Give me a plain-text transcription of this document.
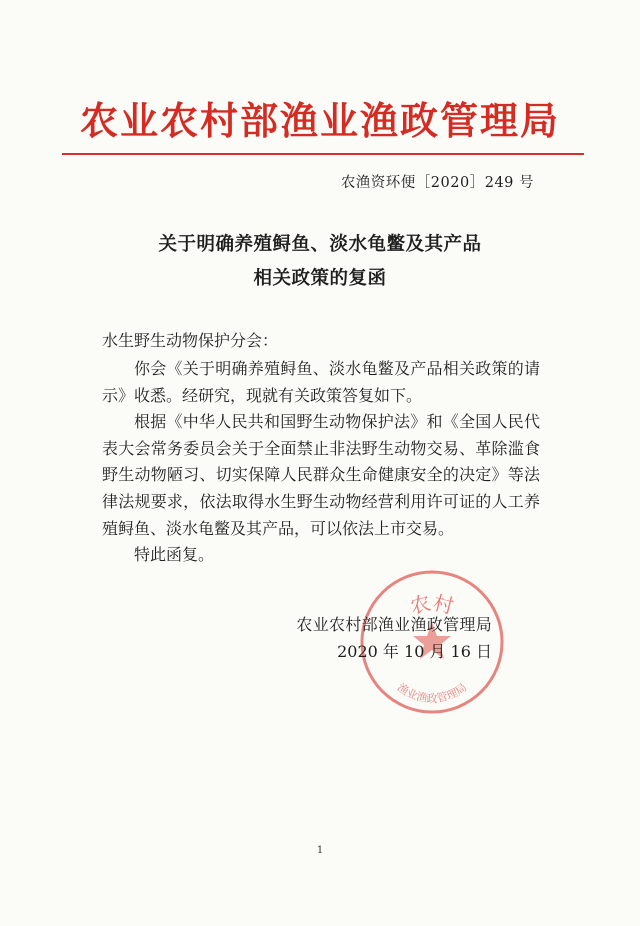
农业农村部渔业渔政管理局
农渔资环便［2020］249 号
关于明确养殖鲟鱼、淡水龟鳖及其产品
相关政策的复函
水生野生动物保护分会：

你会《关于明确养殖鲟鱼、淡水龟鳖及产品相关政策的请示》收悉。经研究，现就有关政策答复如下。

根据《中华人民共和国野生动物保护法》和《全国人民代表大会常务委员会关于全面禁止非法野生动物交易、革除滥食野生动物陋习、切实保障人民群众生命健康安全的决定》等法律法规要求，依法取得水生野生动物经营利用许可证的人工养殖鲟鱼、淡水龟鳖及其产品，可以依法上市交易。

特此函复。

农村
渔业渔政管理局
农业农村部渔业渔政管理局
2020 年 10 月 16 日
1
